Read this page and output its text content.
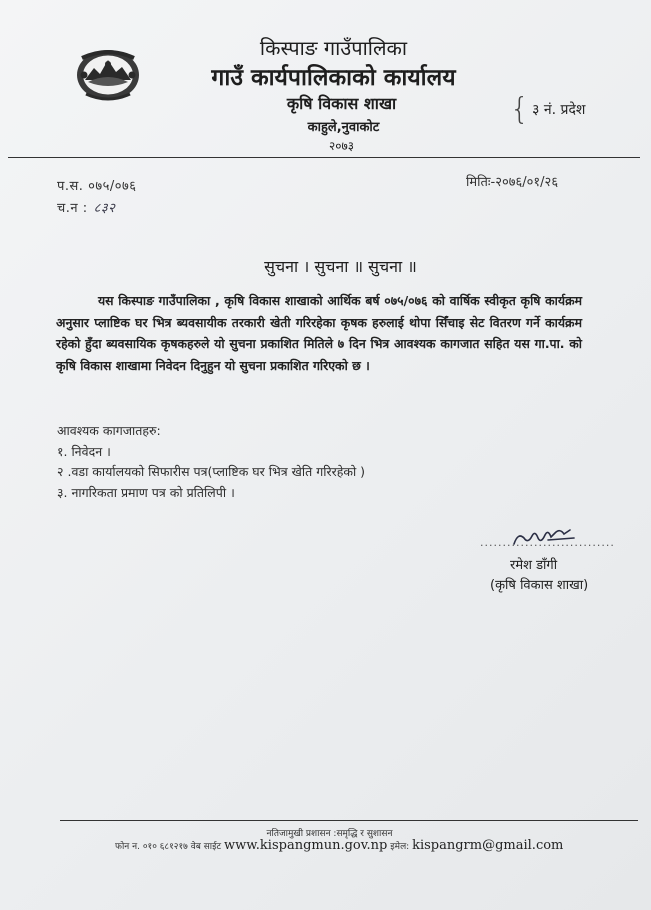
किस्पाङ गाउँपालिका
गाउँ कार्यपालिकाको कार्यालय
कृषि विकास शाखा
काहुले,नुवाकोट
२०७३
{ ३ नं. प्रदेश
प.स. ०७५/०७६
च.न : ८३२
मितिः-२०७६/०१/२६
सुचना । सुचना ॥ सुचना ॥
यस किस्पाङ गाउँपालिका , कृषि विकास शाखाको आर्थिक बर्ष ०७५/०७६ को वार्षिक स्वीकृत कृषि कार्यक्रम अनुसार प्लाष्टिक घर भित्र ब्यवसायीक तरकारी खेती गरिरहेका कृषक हरुलाई थोपा सिँचाइ सेट वितरण गर्ने कार्यक्रम रहेको हुँदा ब्यवसायिक कृषकहरुले यो सुचना प्रकाशित मितिले ७ दिन भित्र आवश्यक कागजात सहित यस गा.पा. को कृषि विकास शाखामा निवेदन दिनुहुन यो सुचना प्रकाशित गरिएको छ ।
आवश्यक कागजातहरु:
१. निवेदन ।
२ .वडा कार्यालयको सिफारीस पत्र(प्लाष्टिक घर भित्र खेति गरिरहेको )
३. नागरिकता प्रमाण पत्र को प्रतिलिपी ।
..............................
रमेश डाँगी
(कृषि विकास शाखा)
नतिजामुखी प्रशासन :समृद्धि र सुशासन
फोन न. ०१० ६८१२१७ वेब साईट www.kispangmun.gov.np इमेल: kispangrm@gmail.com
